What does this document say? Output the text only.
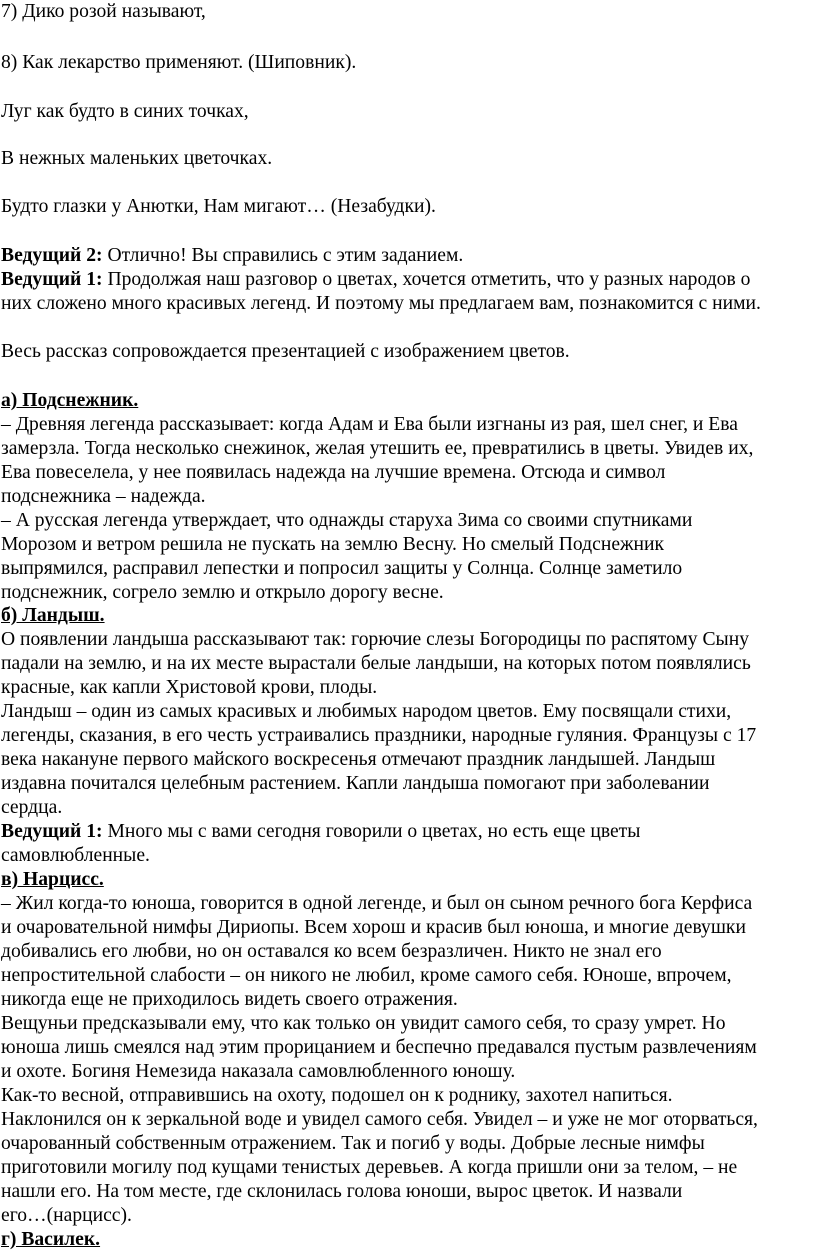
7) Дико розой называют,
8) Как лекарство применяют. (Шиповник).
Луг как будто в синих точках,
В нежных маленьких цветочках.
Будто глазки у Анютки, Нам мигают… (Незабудки).
Ведущий 2: Отлично! Вы справились с этим заданием.
Ведущий 1: Продолжая наш разговор о цветах, хочется отметить, что у разных народов о
них сложено много красивых легенд. И поэтому мы предлагаем вам, познакомится с ними.
Весь рассказ сопровождается презентацией с изображением цветов.
а) Подснежник.
– Древняя легенда рассказывает: когда Адам и Ева были изгнаны из рая, шел снег, и Ева
замерзла. Тогда несколько снежинок, желая утешить ее, превратились в цветы. Увидев их,
Ева повеселела, у нее появилась надежда на лучшие времена. Отсюда и символ
подснежника – надежда.
– А русская легенда утверждает, что однажды старуха Зима со своими спутниками
Морозом и ветром решила не пускать на землю Весну. Но смелый Подснежник
выпрямился, расправил лепестки и попросил защиты у Солнца. Солнце заметило
подснежник, согрело землю и открыло дорогу весне.
б) Ландыш.
О появлении ландыша рассказывают так: горючие слезы Богородицы по распятому Сыну
падали на землю, и на их месте вырастали белые ландыши, на которых потом появлялись
красные, как капли Христовой крови, плоды.
Ландыш – один из самых красивых и любимых народом цветов. Ему посвящали стихи,
легенды, сказания, в его честь устраивались праздники, народные гуляния. Французы с 17
века накануне первого майского воскресенья отмечают праздник ландышей. Ландыш
издавна почитался целебным растением. Капли ландыша помогают при заболевании
сердца.
Ведущий 1: Много мы с вами сегодня говорили о цветах, но есть еще цветы
самовлюбленные.
в) Нарцисс.
– Жил когда-то юноша, говорится в одной легенде, и был он сыном речного бога Керфиса
и очаровательной нимфы Дириопы. Всем хорош и красив был юноша, и многие девушки
добивались его любви, но он оставался ко всем безразличен. Никто не знал его
непростительной слабости – он никого не любил, кроме самого себя. Юноше, впрочем,
никогда еще не приходилось видеть своего отражения.
Вещуньи предсказывали ему, что как только он увидит самого себя, то сразу умрет. Но
юноша лишь смеялся над этим прорицанием и беспечно предавался пустым развлечениям
и охоте. Богиня Немезида наказала самовлюбленного юношу.
Как-то весной, отправившись на охоту, подошел он к роднику, захотел напиться.
Наклонился он к зеркальной воде и увидел самого себя. Увидел – и уже не мог оторваться,
очарованный собственным отражением. Так и погиб у воды. Добрые лесные нимфы
приготовили могилу под кущами тенистых деревьев. А когда пришли они за телом, – не
нашли его. На том месте, где склонилась голова юноши, вырос цветок. И назвали
его…(нарцисс).
г) Василек.
